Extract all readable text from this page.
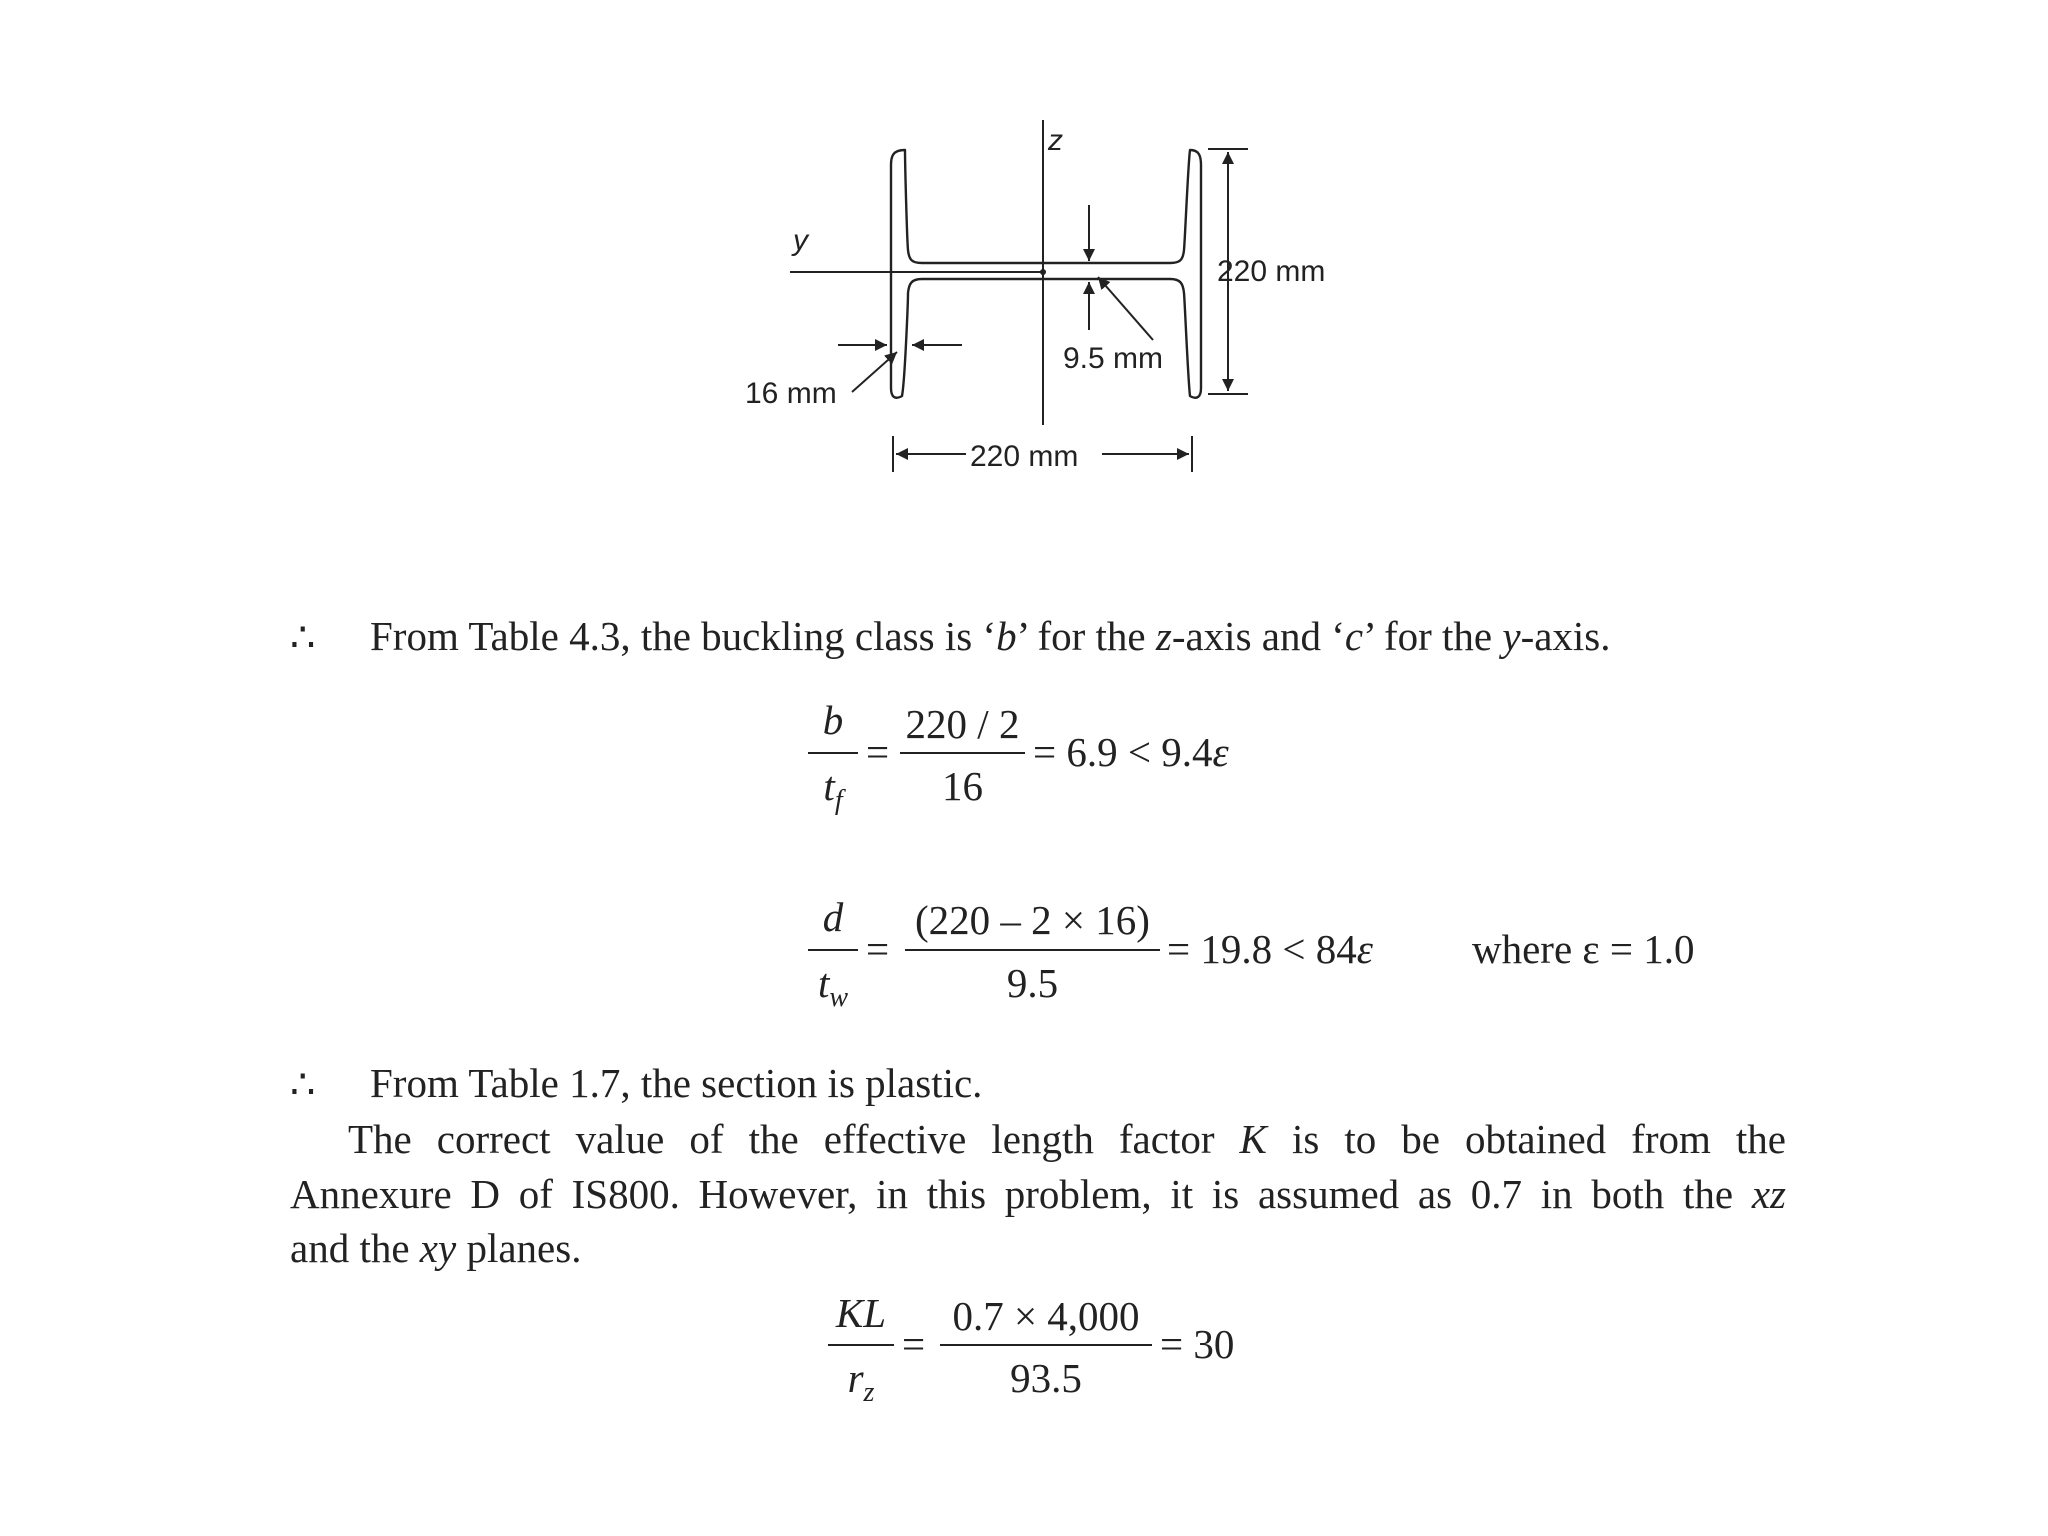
z
y
220 mm
220 mm
16 mm
9.5 mm
∴ From Table 4.3, the buckling class is ‘b’ for the z-axis and ‘c’ for the y-axis.
b
$t_f$
=
220 / 2
16
= 6.9 < 9.4ε
d
$t_w$
=
(220 – 2 × 16)
9.5
= 19.8 < 84ε where ε = 1.0
∴ From Table 1.7, the section is plastic.
The correct value of the effective length factor K is to be obtained from the
Annexure D of IS800. However, in this problem, it is assumed as 0.7 in both the xz
and the xy planes.
KL
$r_z$
=
0.7 × 4,000
93.5
= 30
